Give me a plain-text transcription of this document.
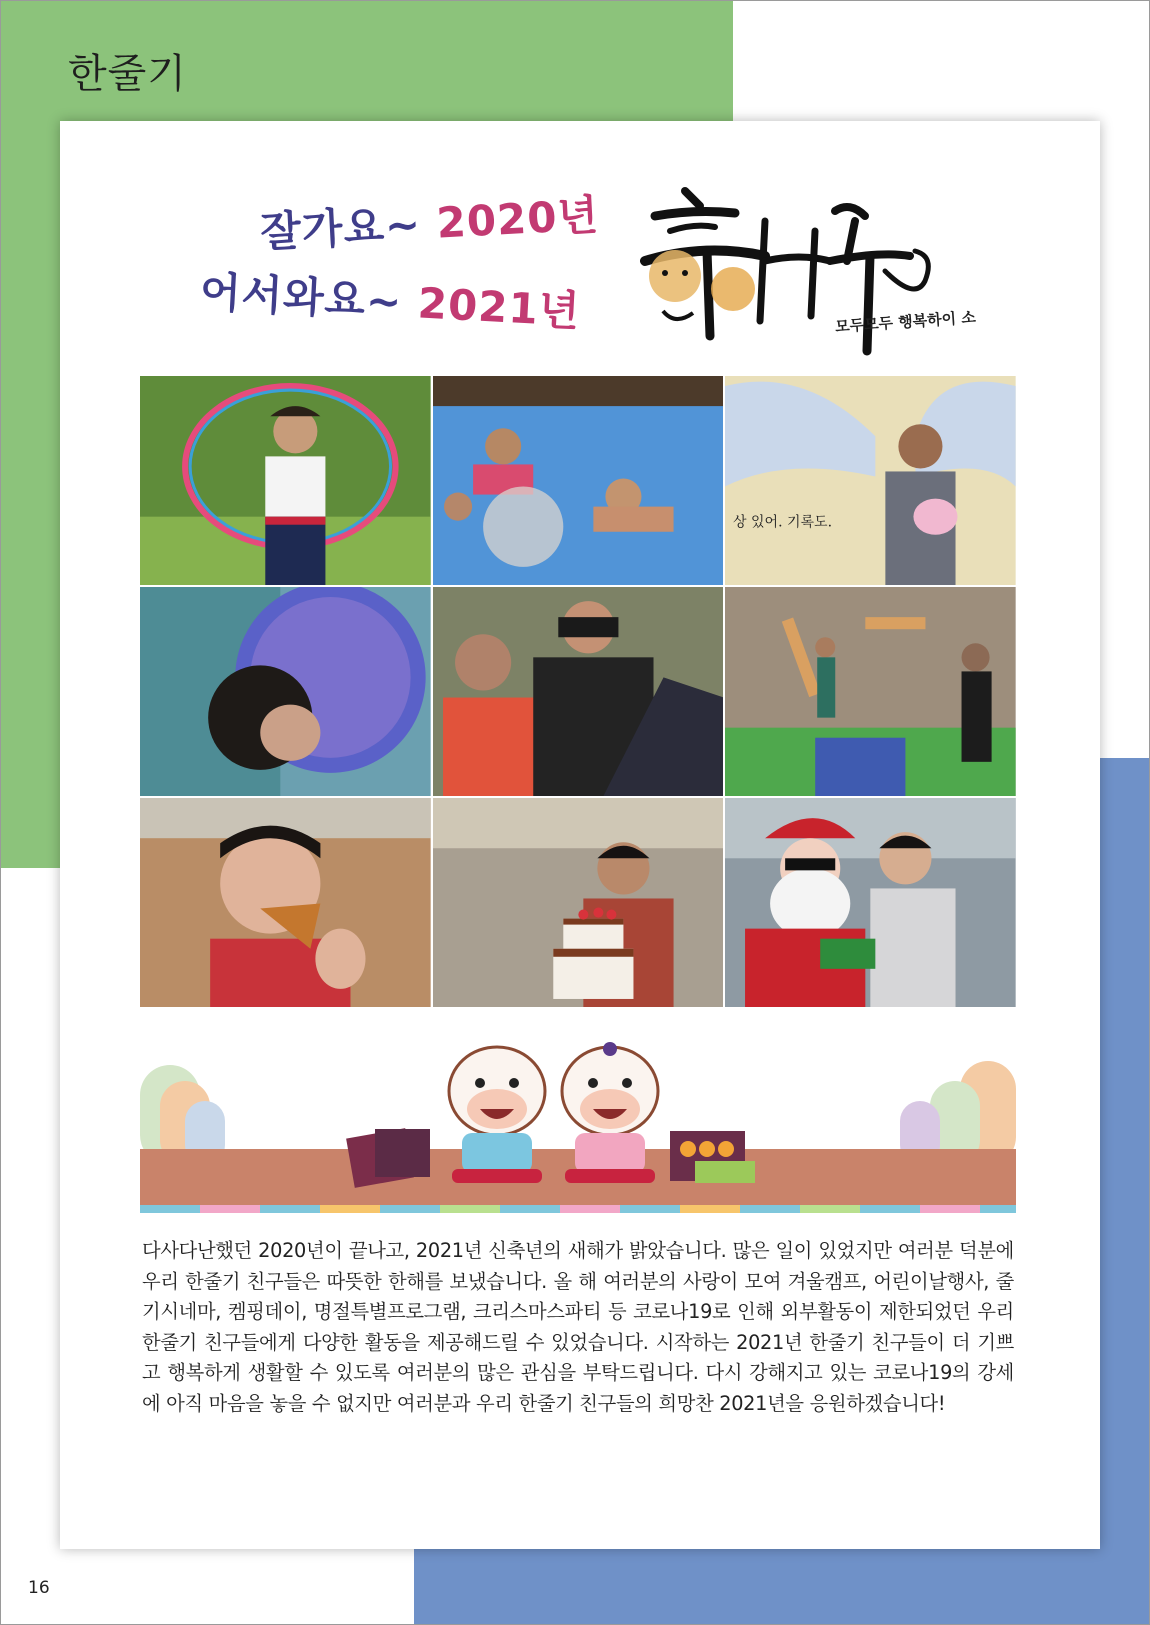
한줄기
잘가요~ 2020년
어서와요~ 2021년	모두모두 행복하이 소
상 있어. 기록도.
다사다난했던 2020년이 끝나고, 2021년 신축년의 새해가 밝았습니다. 많은 일이 있었지만 여러분 덕분에 우리 한줄기 친구들은 따뜻한 한해를 보냈습니다. 올 해 여러분의 사랑이 모여 겨울캠프, 어린이날행사, 줄기시네마, 켐핑데이, 명절특별프로그램, 크리스마스파티 등 코로나19로 인해 외부활동이 제한되었던 우리 한줄기 친구들에게 다양한 활동을 제공해드릴 수 있었습니다. 시작하는 2021년 한줄기 친구들이 더 기쁘고 행복하게 생활할 수 있도록 여러분의 많은 관심을 부탁드립니다. 다시 강해지고 있는 코로나19의 강세에 아직 마음을 놓을 수 없지만 여러분과 우리 한줄기 친구들의 희망찬 2021년을 응원하겠습니다!
16
